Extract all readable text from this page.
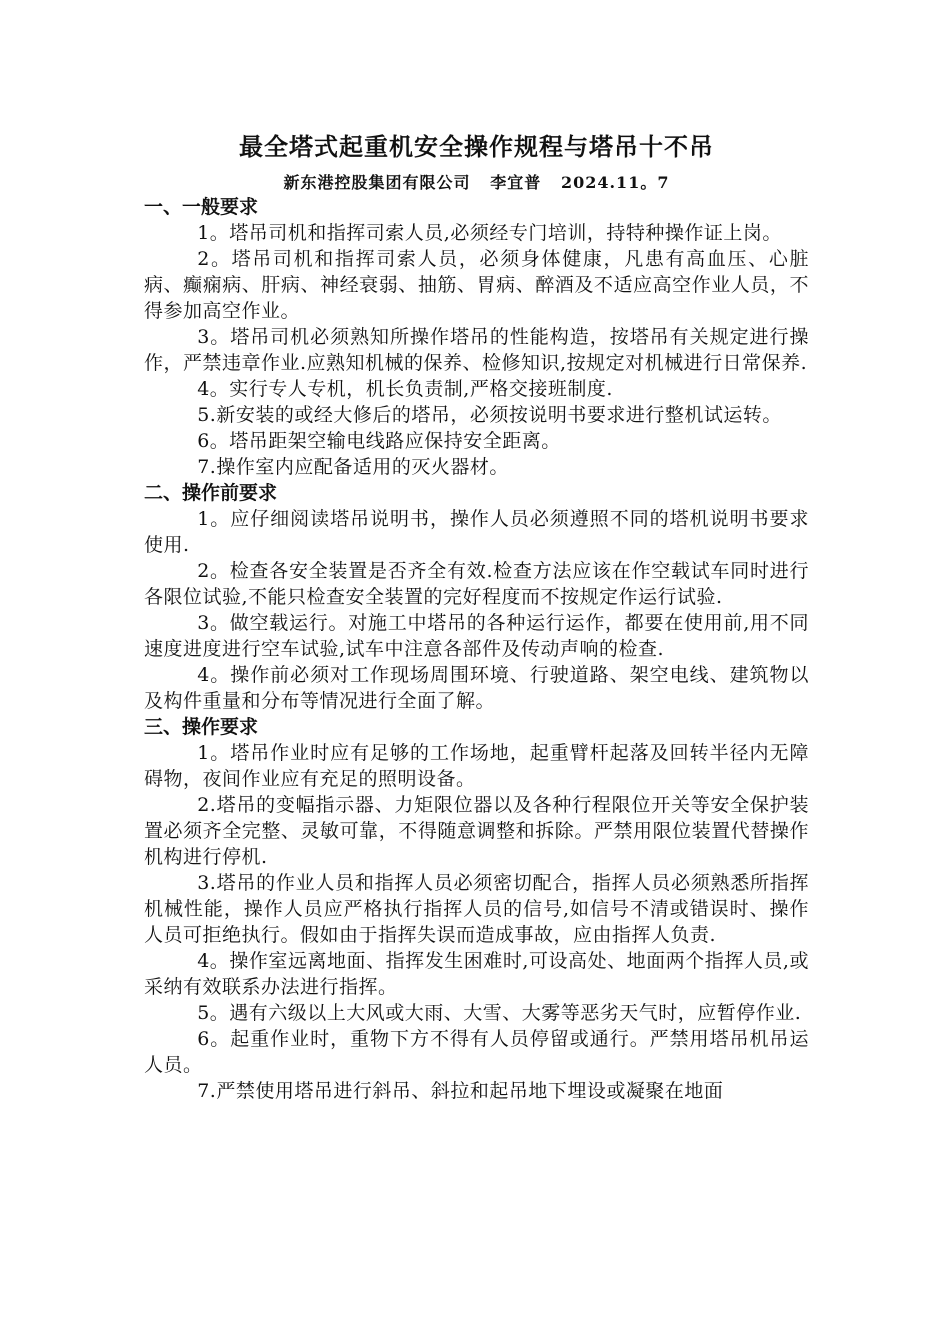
最全塔式起重机安全操作规程与塔吊十不吊

新东港控股集团有限公司   李宜普   2024.11。7

一、一般要求

1。塔吊司机和指挥司索人员,必须经专门培训，持特种操作证上岗。

2。塔吊司机和指挥司索人员，必须身体健康，凡患有高血压、心脏病、癫痫病、肝病、神经衰弱、抽筋、胃病、醉酒及不适应高空作业人员，不得参加高空作业。

3。塔吊司机必须熟知所操作塔吊的性能构造，按塔吊有关规定进行操作，严禁违章作业.应熟知机械的保养、检修知识,按规定对机械进行日常保养.

4。实行专人专机，机长负责制,严格交接班制度.

5.新安装的或经大修后的塔吊，必须按说明书要求进行整机试运转。

6。塔吊距架空输电线路应保持安全距离。

7.操作室内应配备适用的灭火器材。

二、操作前要求

1。应仔细阅读塔吊说明书，操作人员必须遵照不同的塔机说明书要求使用.

2。检查各安全装置是否齐全有效.检查方法应该在作空载试车同时进行各限位试验,不能只检查安全装置的完好程度而不按规定作运行试验.

3。做空载运行。对施工中塔吊的各种运行运作，都要在使用前,用不同速度进度进行空车试验,试车中注意各部件及传动声响的检查.

4。操作前必须对工作现场周围环境、行驶道路、架空电线、建筑物以及构件重量和分布等情况进行全面了解。

三、操作要求

1。塔吊作业时应有足够的工作场地，起重臂杆起落及回转半径内无障碍物，夜间作业应有充足的照明设备。

2.塔吊的变幅指示器、力矩限位器以及各种行程限位开关等安全保护装置必须齐全完整、灵敏可靠，不得随意调整和拆除。严禁用限位装置代替操作机构进行停机.

3.塔吊的作业人员和指挥人员必须密切配合，指挥人员必须熟悉所指挥机械性能，操作人员应严格执行指挥人员的信号,如信号不清或错误时、操作人员可拒绝执行。假如由于指挥失误而造成事故，应由指挥人负责.

4。操作室远离地面、指挥发生困难时,可设高处、地面两个指挥人员,或采纳有效联系办法进行指挥。

5。遇有六级以上大风或大雨、大雪、大雾等恶劣天气时，应暂停作业.

6。起重作业时，重物下方不得有人员停留或通行。严禁用塔吊机吊运人员。

7.严禁使用塔吊进行斜吊、斜拉和起吊地下埋设或凝聚在地面
